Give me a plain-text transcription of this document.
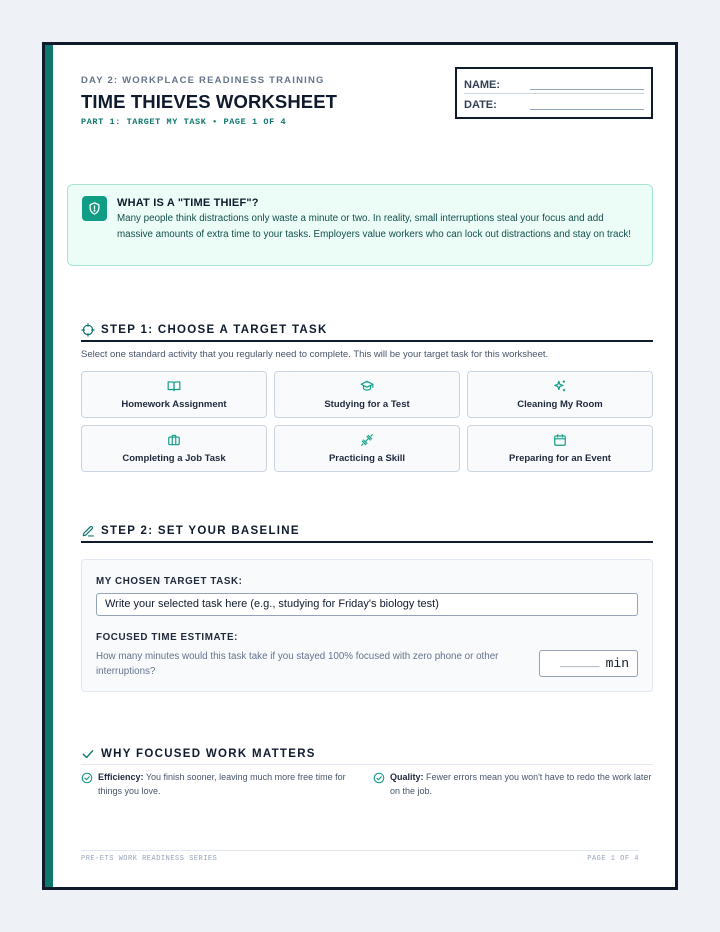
DAY 2: WORKPLACE READINESS TRAINING
TIME THIEVES WORKSHEET
PART 1: TARGET MY TASK • PAGE 1 OF 4
NAME:
DATE:
WHAT IS A "TIME THIEF"?
Many people think distractions only waste a minute or two. In reality, small interruptions steal your focus and add massive amounts of extra time to your tasks. Employers value workers who can lock out distractions and stay on track!
STEP 1: CHOOSE A TARGET TASK
Select one standard activity that you regularly need to complete. This will be your target task for this worksheet.
Homework Assignment	Studying for a Test	Cleaning My Room
Completing a Job Task	Practicing a Skill	Preparing for an Event
STEP 2: SET YOUR BASELINE
MY CHOSEN TARGET TASK:
Write your selected task here (e.g., studying for Friday's biology test)
FOCUSED TIME ESTIMATE:
How many minutes would this task take if you stayed 100% focused with zero phone or other interruptions?
______ min
WHY FOCUSED WORK MATTERS
Efficiency: You finish sooner, leaving much more free time for things you love.
Quality: Fewer errors mean you won't have to redo the work later on the job.
PRE-ETS WORK READINESS SERIES	PAGE 1 OF 4
